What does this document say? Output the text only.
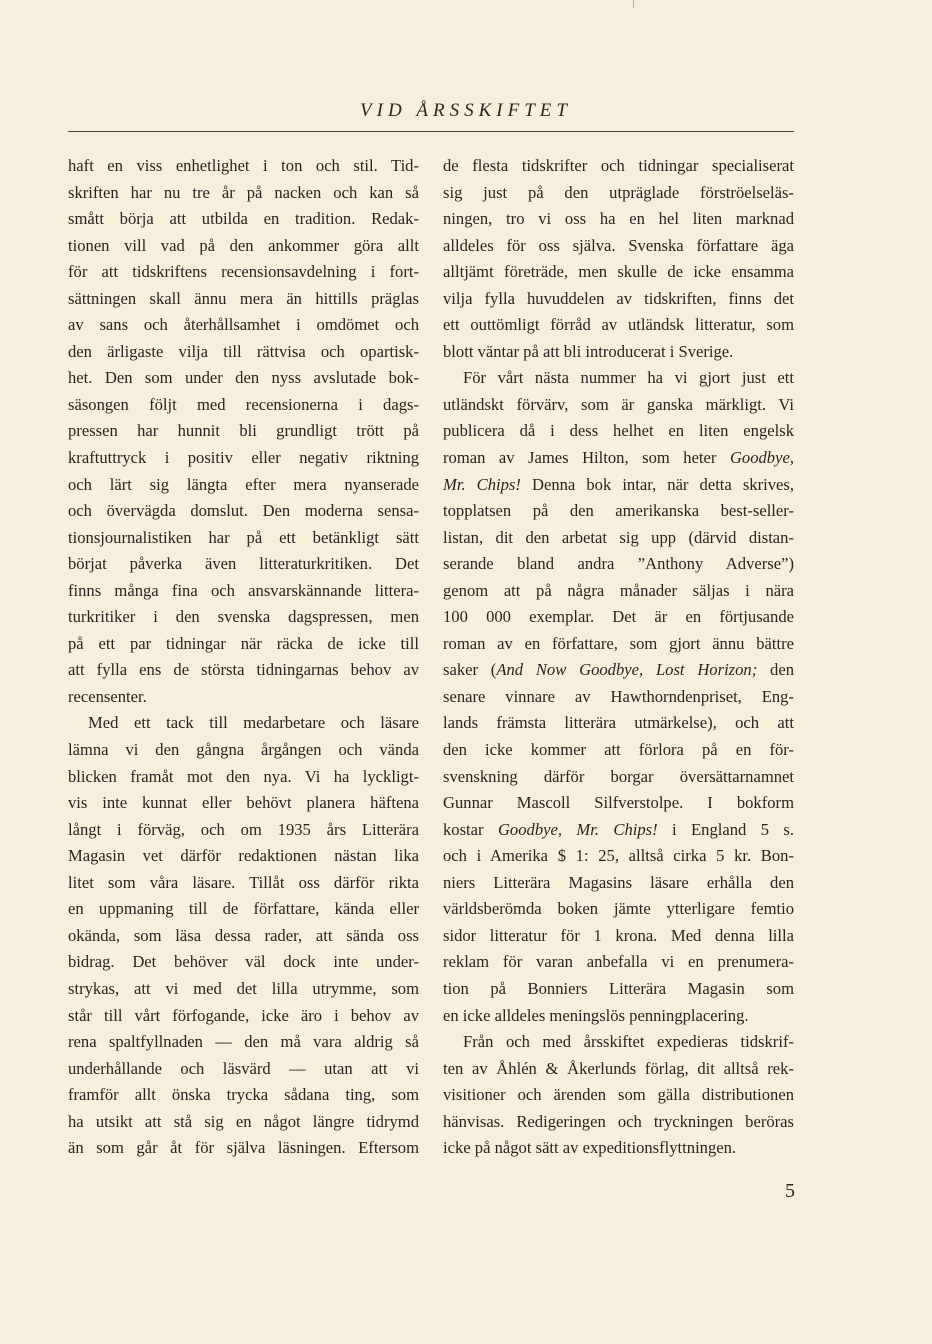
VID ÅRSSKIFTET
haft en viss enhetlighet i ton och stil. Tid-
skriften har nu tre år på nacken och kan så
smått börja att utbilda en tradition. Redak-
tionen vill vad på den ankommer göra allt
för att tidskriftens recensionsavdelning i fort-
sättningen skall ännu mera än hittills präglas
av sans och återhållsamhet i omdömet och
den ärligaste vilja till rättvisa och opartisk-
het. Den som under den nyss avslutade bok-
säsongen följt med recensionerna i dags-
pressen har hunnit bli grundligt trött på
kraftuttryck i positiv eller negativ riktning
och lärt sig längta efter mera nyanserade
och övervägda domslut. Den moderna sensa-
tionsjournalistiken har på ett betänkligt sätt
börjat påverka även litteraturkritiken. Det
finns många fina och ansvarskännande littera-
turkritiker i den svenska dagspressen, men
på ett par tidningar när räcka de icke till
att fylla ens de största tidningarnas behov av
recensenter.
Med ett tack till medarbetare och läsare
lämna vi den gångna årgången och vända
blicken framåt mot den nya. Vi ha lyckligt-
vis inte kunnat eller behövt planera häftena
långt i förväg, och om 1935 års Litterära
Magasin vet därför redaktionen nästan lika
litet som våra läsare. Tillåt oss därför rikta
en uppmaning till de författare, kända eller
okända, som läsa dessa rader, att sända oss
bidrag. Det behöver väl dock inte under-
strykas, att vi med det lilla utrymme, som
står till vårt förfogande, icke äro i behov av
rena spaltfyllnaden — den må vara aldrig så
underhållande och läsvärd — utan att vi
framför allt önska trycka sådana ting, som
ha utsikt att stå sig en något längre tidrymd
än som går åt för själva läsningen. Eftersom
de flesta tidskrifter och tidningar specialiserat
sig just på den utpräglade förströelseläs-
ningen, tro vi oss ha en hel liten marknad
alldeles för oss själva. Svenska författare äga
alltjämt företräde, men skulle de icke ensamma
vilja fylla huvuddelen av tidskriften, finns det
ett outtömligt förråd av utländsk litteratur, som
blott väntar på att bli introducerat i Sverige.
För vårt nästa nummer ha vi gjort just ett
utländskt förvärv, som är ganska märkligt. Vi
publicera då i dess helhet en liten engelsk
roman av James Hilton, som heter Goodbye,
Mr. Chips! Denna bok intar, när detta skrives,
topplatsen på den amerikanska best-seller-
listan, dit den arbetat sig upp (därvid distan-
serande bland andra ”Anthony Adverse”)
genom att på några månader säljas i nära
100 000 exemplar. Det är en förtjusande
roman av en författare, som gjort ännu bättre
saker (And Now Goodbye, Lost Horizon; den
senare vinnare av Hawthorndenpriset, Eng-
lands främsta litterära utmärkelse), och att
den icke kommer att förlora på en för-
svenskning därför borgar översättarnamnet
Gunnar Mascoll Silfverstolpe. I bokform
kostar Goodbye, Mr. Chips! i England 5 s.
och i Amerika $ 1: 25, alltså cirka 5 kr. Bon-
niers Litterära Magasins läsare erhålla den
världsberömda boken jämte ytterligare femtio
sidor litteratur för 1 krona. Med denna lilla
reklam för varan anbefalla vi en prenumera-
tion på Bonniers Litterära Magasin som
en icke alldeles meningslös penningplacering.
Från och med årsskiftet expedieras tidskrif-
ten av Åhlén & Åkerlunds förlag, dit alltså rek-
visitioner och ärenden som gälla distributionen
hänvisas. Redigeringen och tryckningen beröras
icke på något sätt av expeditionsflyttningen.
5
